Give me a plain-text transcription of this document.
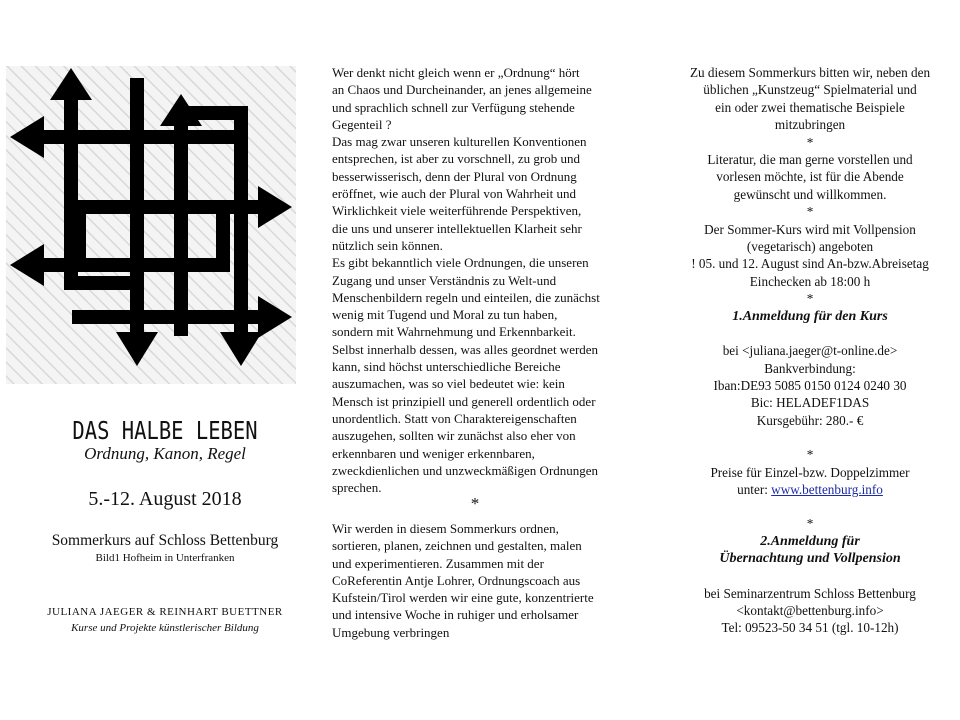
DAS HALBE LEBEN
Ordnung, Kanon, Regel
5.-12. August 2018
Sommerkurs auf Schloss Bettenburg
Bild1 Hofheim in Unterfranken
JULIANA JAEGER & REINHART BUETTNER
Kurse und Projekte künstlerischer Bildung
Wer denkt nicht gleich wenn er „Ordnung“ hört
an Chaos und Durcheinander, an jenes allgemeine
und sprachlich schnell zur Verfügung stehende
Gegenteil ?
Das mag zwar unseren kulturellen Konventionen
entsprechen, ist aber zu vorschnell, zu grob und
besserwisserisch, denn der Plural von Ordnung
eröffnet, wie auch der Plural von Wahrheit und
Wirklichkeit viele weiterführende Perspektiven,
die uns und unserer intellektuellen Klarheit sehr
nützlich sein können.
Es gibt bekanntlich viele Ordnungen, die unseren
Zugang und unser Verständnis zu Welt-und
Menschenbildern regeln und einteilen, die zunächst
wenig mit Tugend und Moral zu tun haben,
sondern mit Wahrnehmung und Erkennbarkeit.
Selbst innerhalb dessen, was alles geordnet werden
kann, sind höchst unterschiedliche Bereiche
auszumachen, was so viel bedeutet wie: kein
Mensch ist prinzipiell und generell ordentlich oder
unordentlich. Statt von Charaktereigenschaften
auszugehen, sollten wir zunächst also eher von
erkennbaren und weniger erkennbaren,
zweckdienlichen und unzweckmäßigen Ordnungen
sprechen.
*
Wir werden in diesem Sommerkurs ordnen,
sortieren, planen, zeichnen und gestalten, malen
und experimentieren. Zusammen mit der
CoReferentin Antje Lohrer, Ordnungscoach aus
Kufstein/Tirol werden wir eine gute, konzentrierte
und intensive Woche in ruhiger und erholsamer
Umgebung verbringen

Zu diesem Sommerkurs bitten wir, neben den
üblichen „Kunstzeug“ Spielmaterial und
ein oder zwei thematische Beispiele
mitzubringen

*

Literatur, die man gerne vorstellen und
vorlesen möchte, ist für die Abende
gewünscht und willkommen.

*

Der Sommer-Kurs wird mit Vollpension
(vegetarisch) angeboten
! 05. und 12. August sind An-bzw.Abreisetag
Einchecken ab 18:00 h

*

1.Anmeldung für den Kurs

bei <juliana.jaeger@t-online.de>
Bankverbindung:
Iban:DE93 5085 0150 0124 0240 30
Bic: HELADEF1DAS
Kursgebühr: 280.- €

*

Preise für Einzel-bzw. Doppelzimmer

unter: www.bettenburg.info

*

2.Anmeldung für

Übernachtung und Vollpension

bei Seminarzentrum Schloss Bettenburg
<kontakt@bettenburg.info>
Tel: 09523-50 34 51 (tgl. 10-12h)
